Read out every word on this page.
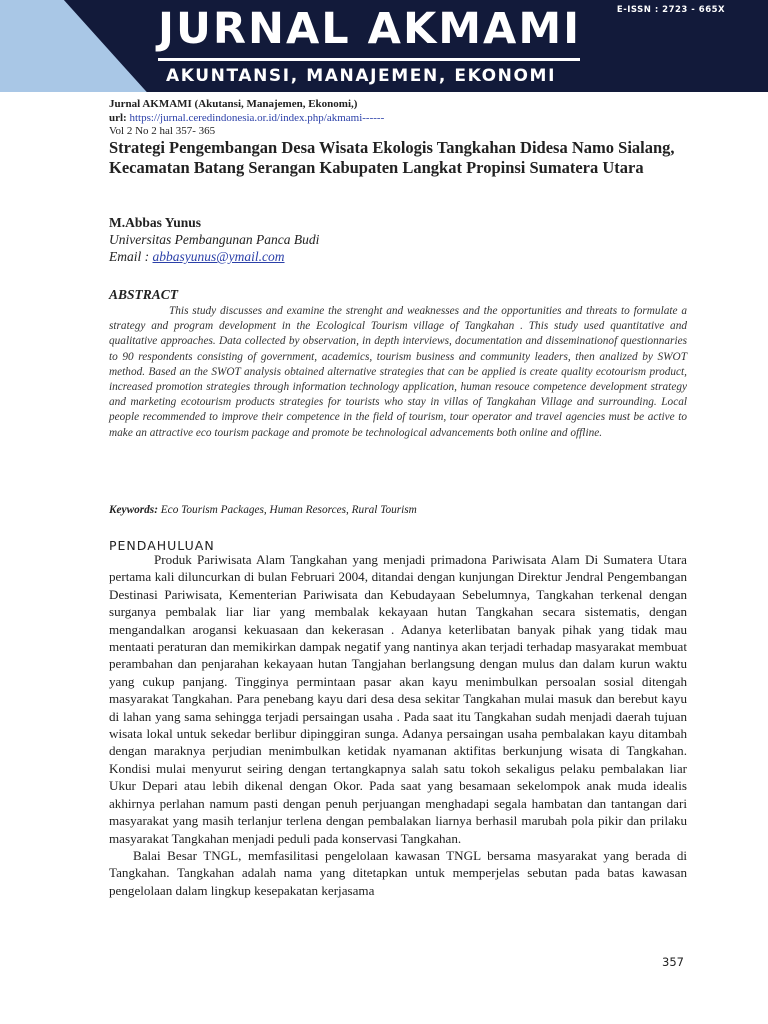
JURNAL AKMAMI
AKUNTANSI, MANAJEMEN, EKONOMI
E-ISSN : 2723 - 665X
Jurnal AKMAMI (Akutansi, Manajemen, Ekonomi,)
url: https://jurnal.ceredindonesia.or.id/index.php/akmami------
Vol 2 No 2 hal 357- 365
Strategi Pengembangan Desa Wisata Ekologis Tangkahan Didesa Namo Sialang, Kecamatan Batang Serangan Kabupaten Langkat Propinsi Sumatera Utara
M.Abbas Yunus
Universitas Pembangunan Panca Budi
Email : abbasyunus@ymail.com
ABSTRACT
This study discusses and examine the strenght and weaknesses and the opportunities and threats to formulate a strategy and program development in the Ecological Tourism village of Tangkahan . This study used quantitative and qualitative approaches. Data collected by observation, in depth interviews, documentation and disseminationof questionnaries to 90 respondents consisting of government, academics, tourism business and community leaders, then analized by SWOT method. Based an the SWOT analysis obtained alternative strategies that can be applied is create quality ecotourism product, increased promotion strategies through information technology application, human resouce competence development strategy and marketing ecotourism products strategies for tourists who stay in villas of Tangkahan Village and surrounding. Local people recommended to improve their competence in the field of tourism, tour operator and travel agencies must be active to make an attractive eco tourism package and promote be technological advancements both online and offline.
Keywords: Eco Tourism Packages, Human Resorces, Rural Tourism
PENDAHULUAN

Produk Pariwisata Alam Tangkahan yang menjadi primadona Pariwisata Alam Di Sumatera Utara pertama kali diluncurkan di bulan Februari 2004, ditandai dengan kunjungan Direktur Jendral Pengembangan Destinasi Pariwisata, Kementerian Pariwisata dan Kebudayaan Sebelumnya, Tangkahan terkenal dengan surganya pembalak liar liar yang membalak kekayaan hutan Tangkahan secara sistematis, dengan mengandalkan arogansi kekuasaan dan kekerasan . Adanya keterlibatan banyak pihak yang tidak mau mentaati peraturan dan memikirkan dampak negatif yang nantinya akan terjadi terhadap masyarakat membuat perambahan dan penjarahan kekayaan hutan Tangjahan berlangsung dengan mulus dan dalam kurun waktu yang cukup panjang. Tingginya permintaan pasar akan kayu menimbulkan persoalan sosial ditengah masyarakat Tangkahan. Para penebang kayu dari desa desa sekitar Tangkahan mulai masuk dan berebut kayu di lahan yang sama sehingga terjadi persaingan usaha . Pada saat itu Tangkahan sudah menjadi daerah tujuan wisata lokal untuk sekedar berlibur dipinggiran sunga. Adanya persaingan usaha pembalakan kayu ditambah dengan maraknya perjudian menimbulkan ketidak nyamanan aktifitas berkunjung wisata di Tangkahan. Kondisi mulai menyurut seiring dengan tertangkapnya salah satu tokoh sekaligus pelaku pembalakan liar Ukur Depari atau lebih dikenal dengan Okor. Pada saat yang besamaan sekelompok anak muda idealis akhirnya perlahan namum pasti dengan penuh perjuangan menghadapi segala hambatan dan tantangan dari masyarakat yang masih terlanjur terlena dengan pembalakan liarnya berhasil marubah pola pikir dan prilaku masyarakat Tangkahan menjadi peduli pada konservasi Tangkahan.

Balai Besar TNGL, memfasilitasi pengelolaan kawasan TNGL bersama masyarakat yang berada di Tangkahan. Tangkahan adalah nama yang ditetapkan untuk memperjelas sebutan pada batas kawasan pengelolaan dalam lingkup kesepakatan kerjasama

357
